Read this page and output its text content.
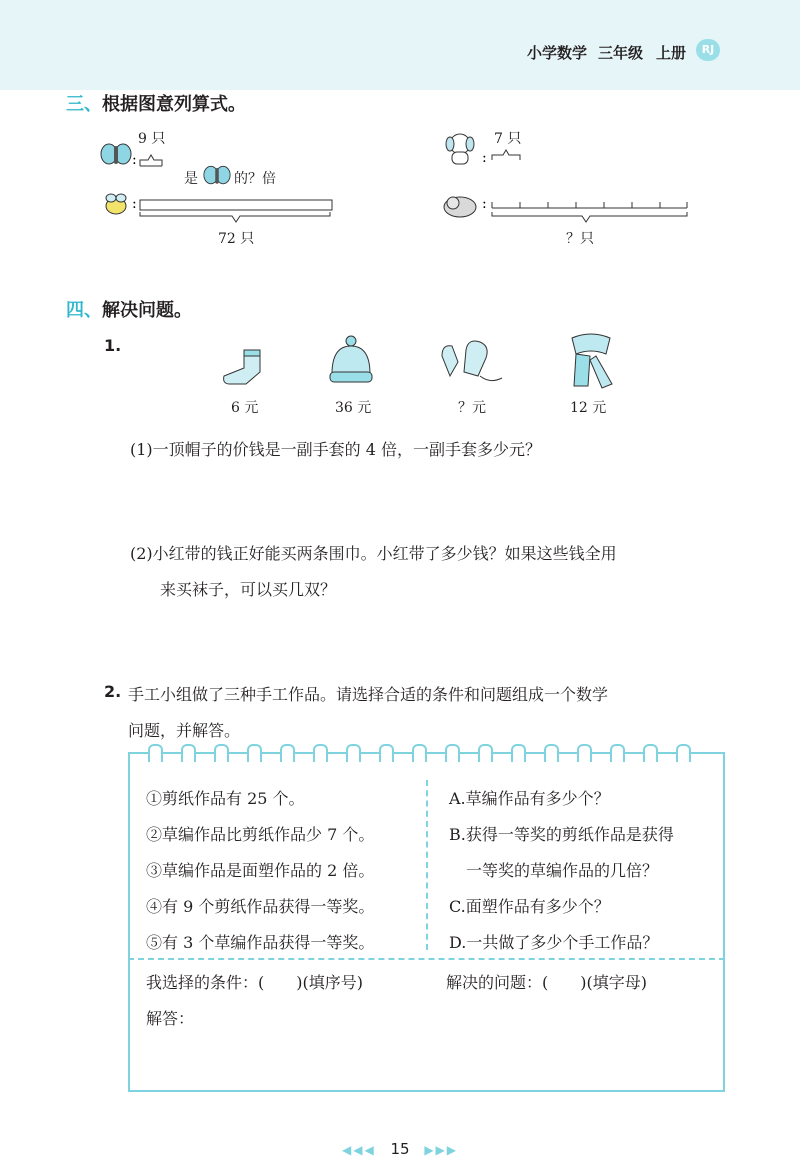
小学数学 三年级 上册	RJ
三、根据图意列算式。
9 只
:
是	的？倍
:
72 只
7 只
:
:
？只
四、解决问题。
1.
6 元	36 元	？元	12 元
(1)一顶帽子的价钱是一副手套的 4 倍，一副手套多少元？
(2)小红带的钱正好能买两条围巾。小红带了多少钱？如果这些钱全用
来买袜子，可以买几双？
2. 手工小组做了三种手工作品。请选择合适的条件和问题组成一个数学
问题，并解答。
①剪纸作品有 25 个。
②草编作品比剪纸作品少 7 个。
③草编作品是面塑作品的 2 倍。
④有 9 个剪纸作品获得一等奖。
⑤有 3 个草编作品获得一等奖。
A.草编作品有多少个？
B.获得一等奖的剪纸作品是获得
一等奖的草编作品的几倍？
C.面塑作品有多少个？
D.一共做了多少个手工作品？
我选择的条件：(　　)(填序号)	解决的问题：(　　)(填字母)
解答：
◀◀◀ 15 ▶▶▶
